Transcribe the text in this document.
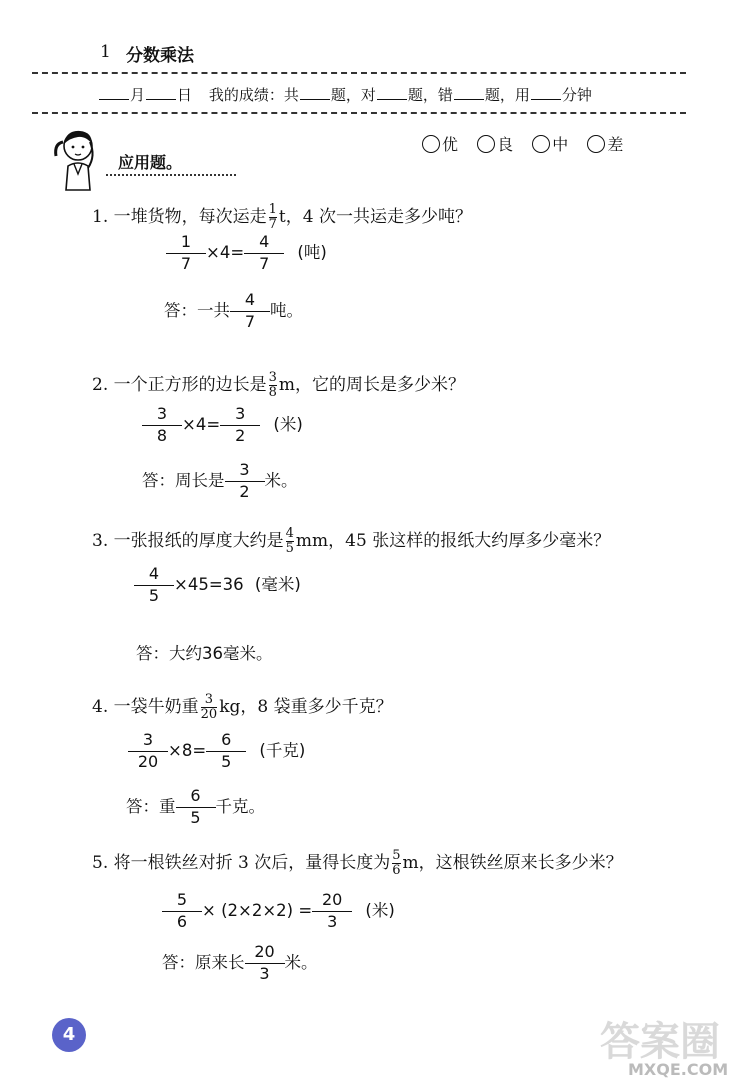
1 分数乘法
月 日 我的成绩：共 题，对 题，错 题，用 分钟
应用题。
优 良 中 差
1. 一堆货物，每次运走 $\frac{1}{7}$ t，4 次一共运走多少吨？
$\frac{1}{7} \times 4= \frac{4}{7}$ (吨)
答：一共 $\frac{4}{7}$ 吨。
2. 一个正方形的边长是 $\frac{3}{8}$ m，它的周长是多少米？
$\frac{3}{8} \times 4= \frac{3}{2}$ (米)
答：周长是 $\frac{3}{2}$ 米。
3. 一张报纸的厚度大约是 $\frac{4}{5}$ mm，45 张这样的报纸大约厚多少毫米？
$\frac{4}{5} \times 45=36$ (毫米)
答：大约36毫米。
4. 一袋牛奶重 $\frac{3}{20}$ kg，8 袋重多少千克？
$\frac{3}{20} \times 8= \frac{6}{5}$ (千克)
答：重 $\frac{6}{5}$ 千克。
5. 将一根铁丝对折 3 次后，量得长度为 $\frac{5}{6}$ m，这根铁丝原来长多少米？
$\frac{5}{6} \times (2\times 2\times 2) = \frac{20}{3}$ (米)
答：原来长 $\frac{20}{3}$ 米。
4	答案圈
MXQE.COM
